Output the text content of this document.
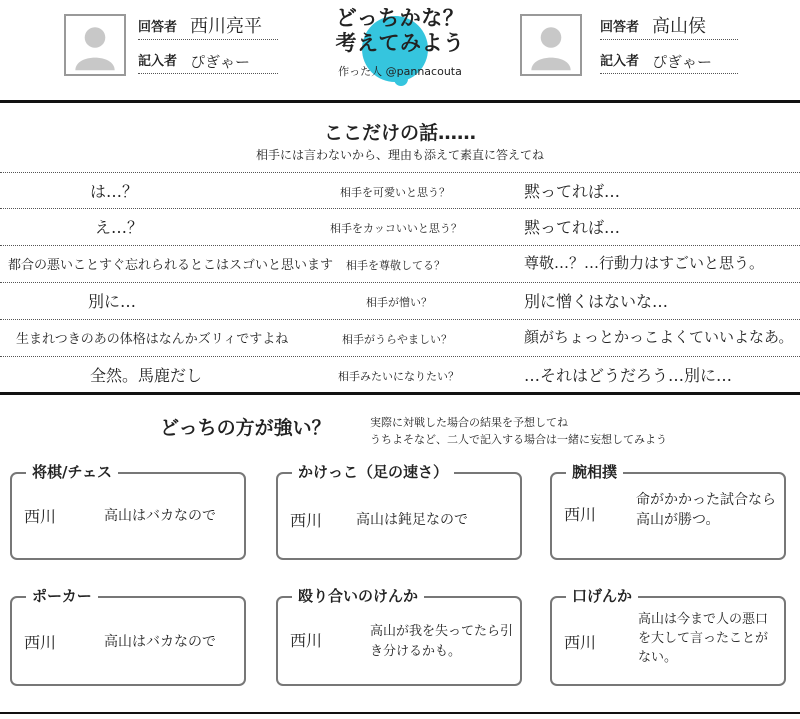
回答者 西川亮平
記入者 ぴぎゃー
どっちかな？
考えてみよう
作った人 @pannacouta
回答者 高山侯
記入者 ぴぎゃー
ここだけの話……
相手には言わないから、理由も添えて素直に答えてね
は…？	相手を可愛いと思う？	黙ってれば…
え…？	相手をカッコいいと思う？	黙ってれば…
都合の悪いことすぐ忘れられるとこはスゴいと思います 相手を尊敬してる？	尊敬…？…行動力はすごいと思う。
別に…	相手が憎い？	別に憎くはないな…
生まれつきのあの体格はなんかズリィですよね	相手がうらやましい？	顔がちょっとかっこよくていいよなあ。
全然。馬鹿だし	相手みたいになりたい？	…それはどうだろう…別に…
どっちの方が強い？	実際に対戦した場合の結果を予想してね
うちよそなど、二人で記入する場合は一緒に妄想してみよう
将棋/チェス
西川	高山はバカなので
かけっこ（足の速さ）
西川 高山は鈍足なので
腕相撲
西川
命がかかった試合なら高山が勝つ。
ポーカー
西川	高山はバカなので
殴り合いのけんか
西川	高山が我を失ってたら引き分けるかも。
口げんか
西川
高山は今まで人の悪口を大して言ったことがない。
